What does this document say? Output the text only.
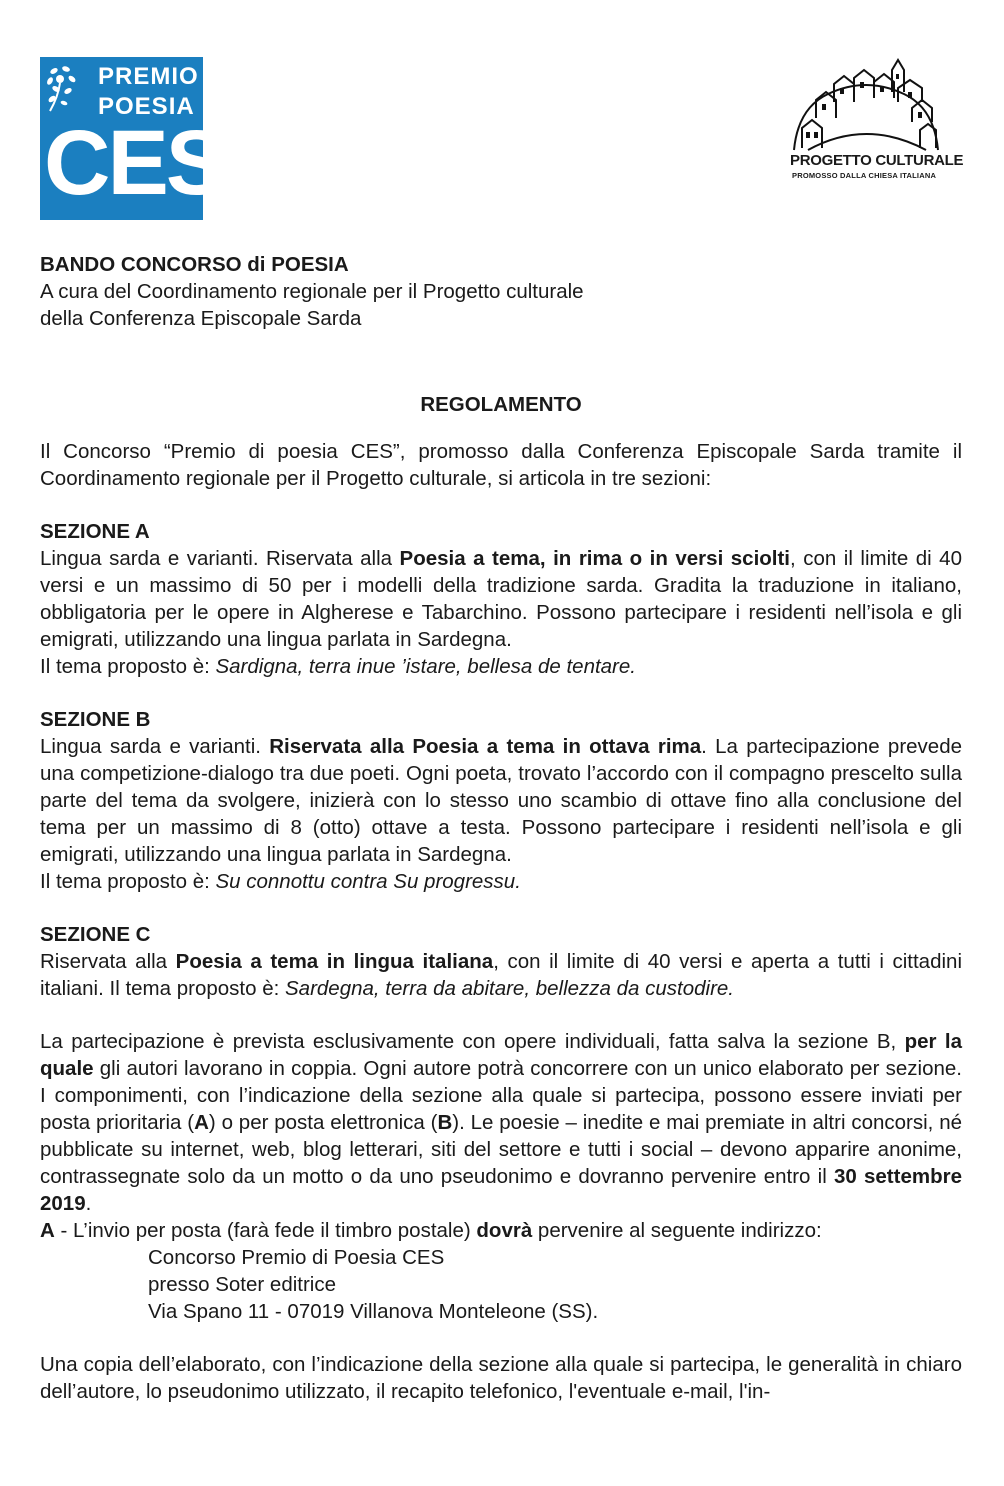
PREMIO
POESIA
CES	PROGETTO CULTURALE
PROMOSSO DALLA CHIESA ITALIANA

BANDO CONCORSO di POESIA

A cura del Coordinamento regionale per il Progetto culturale

della Conferenza Episcopale Sarda

REGOLAMENTO

Il Concorso “Premio di poesia CES”, promosso dalla Conferenza Episcopale Sarda tramite il Coordinamento regionale per il Progetto culturale, si articola in tre sezioni:

SEZIONE A

Lingua sarda e varianti. Riservata alla Poesia a tema, in rima o in versi sciolti, con il limite di 40 versi e un massimo di 50 per i modelli della tradizione sarda. Gradita la traduzione in italiano, obbligatoria per le opere in Algherese e Tabarchino. Possono partecipare i residenti nell’isola e gli emigrati, utilizzando una lingua parlata in Sardegna.

Il tema proposto è: Sardigna, terra inue ’istare, bellesa de tentare.

SEZIONE B

Lingua sarda e varianti. Riservata alla Poesia a tema in ottava rima. La partecipazione prevede una competizione-dialogo tra due poeti. Ogni poeta, trovato l’accordo con il compagno prescelto sulla parte del tema da svolgere, inizierà con lo stesso uno scambio di ottave fino alla conclusione del tema per un massimo di 8 (otto) ottave a testa. Possono partecipare i residenti nell’isola e gli emigrati, utilizzando una lingua parlata in Sardegna.

Il tema proposto è: Su connottu contra Su progressu.

SEZIONE C

Riservata alla Poesia a tema in lingua italiana, con il limite di 40 versi e aperta a tutti i cittadini italiani. Il tema proposto è: Sardegna, terra da abitare, bellezza da custodire.

La partecipazione è prevista esclusivamente con opere individuali, fatta salva la sezione B, per la quale gli autori lavorano in coppia. Ogni autore potrà concorrere con un unico elaborato per sezione. I componimenti, con l’indicazione della sezione alla quale si partecipa, possono essere inviati per posta prioritaria (A) o per posta elettronica (B). Le poesie – inedite e mai premiate in altri concorsi, né pubblicate su internet, web, blog letterari, siti del settore e tutti i social – devono apparire anonime, contrassegnate solo da un motto o da uno pseudonimo e dovranno pervenire entro il 30 settembre 2019.

A - L’invio per posta (farà fede il timbro postale) dovrà pervenire al seguente indirizzo:

Concorso Premio di Poesia CES

presso Soter editrice

Via Spano 11 - 07019 Villanova Monteleone (SS).

Una copia dell’elaborato, con l’indicazione della sezione alla quale si partecipa, le generalità in chiaro dell’autore, lo pseudonimo utilizzato, il recapito telefonico, l'eventuale e-mail, l'in-
